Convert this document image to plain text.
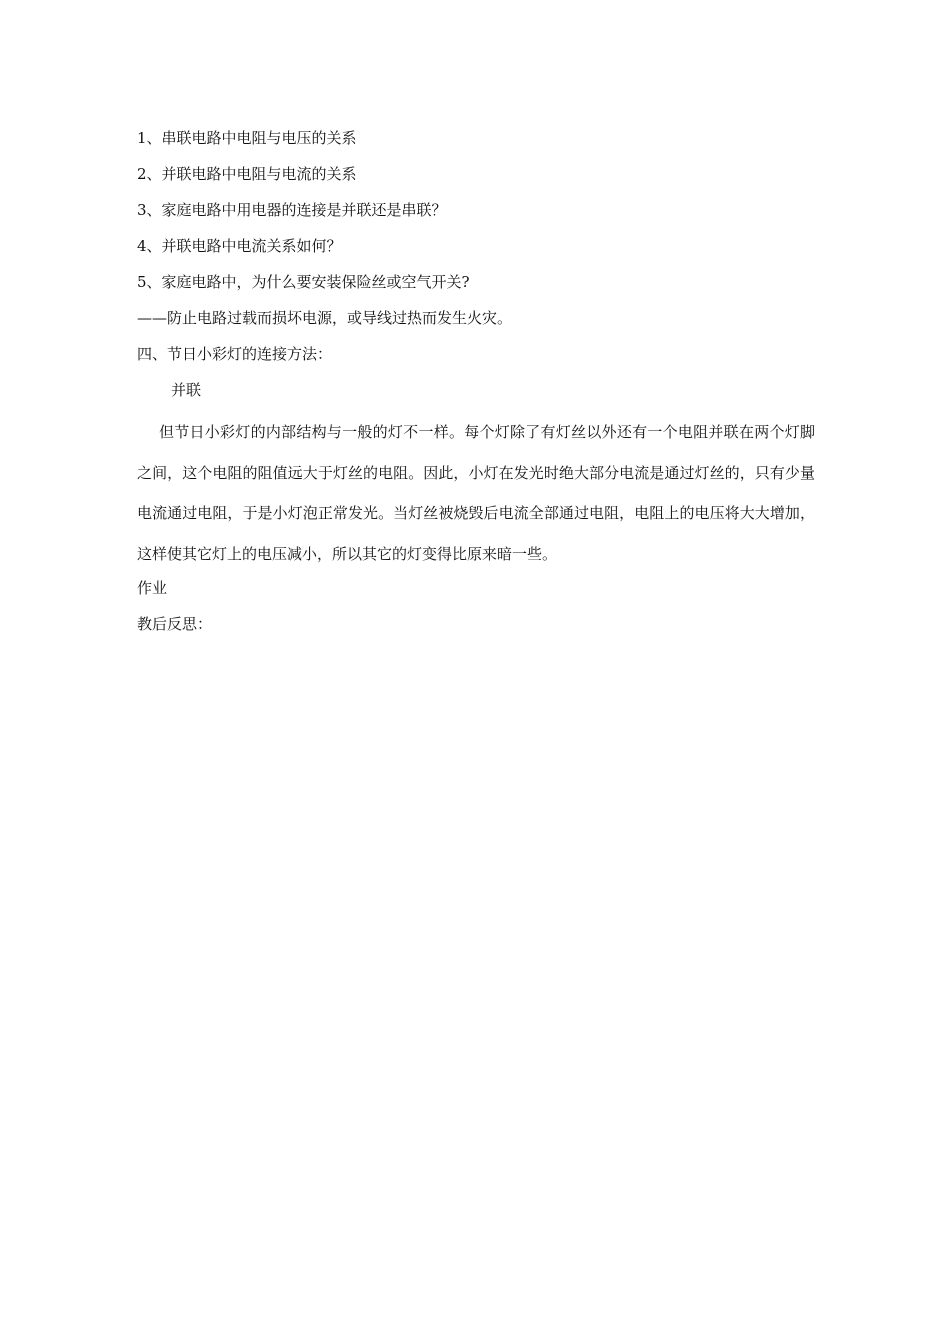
1、串联电路中电阻与电压的关系
2、并联电路中电阻与电流的关系
3、家庭电路中用电器的连接是并联还是串联？
4、并联电路中电流关系如何？
5、家庭电路中，为什么要安装保险丝或空气开关?
——防止电路过载而损坏电源，或导线过热而发生火灾。
四、节日小彩灯的连接方法：
并联

但节日小彩灯的内部结构与一般的灯不一样。每个灯除了有灯丝以外还有一个电阻并联在两个灯脚之间，这个电阻的阻值远大于灯丝的电阻。因此，小灯在发光时绝大部分电流是通过灯丝的，只有少量电流通过电阻，于是小灯泡正常发光。当灯丝被烧毁后电流全部通过电阻，电阻上的电压将大大增加，这样使其它灯上的电压减小，所以其它的灯变得比原来暗一些。

作业
教后反思：
